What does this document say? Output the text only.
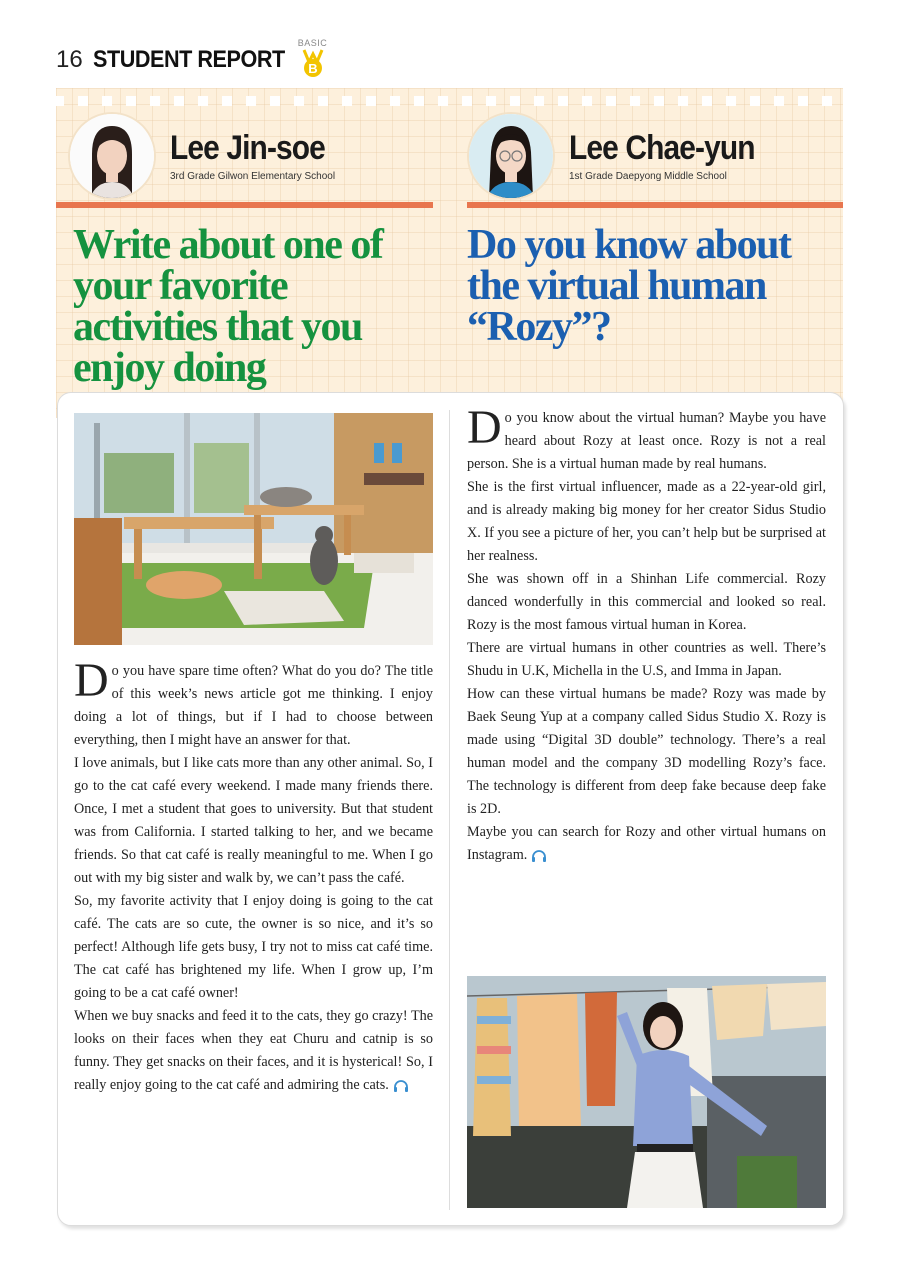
16 STUDENT REPORT
BASIC
B
Lee Jin-soe
3rd Grade Gilwon Elementary School
Lee Chae-yun
1st Grade Daepyong Middle School
Write about one of your favorite activities that you enjoy doing
Do you know about the virtual human “Rozy”?

Do you have spare time often? What do you do? The title of this week’s news article got me thinking. I enjoy doing a lot of things, but if I had to choose between everything, then I might have an answer for that.

I love animals, but I like cats more than any other animal. So, I go to the cat café every weekend. I made many friends there. Once, I met a student that goes to university. But that student was from California. I started talking to her, and we became friends. So that cat café is really meaningful to me. When I go out with my big sister and walk by, we can’t pass the café.

So, my favorite activity that I enjoy doing is going to the cat café. The cats are so cute, the owner is so nice, and it’s so perfect! Although life gets busy, I try not to miss cat café time. The cat café has brightened my life. When I grow up, I’m going to be a cat café owner!

When we buy snacks and feed it to the cats, they go crazy! The looks on their faces when they eat Churu and catnip is so funny. They get snacks on their faces, and it is hysterical! So, I really enjoy going to the cat café and admiring the cats.

Do you know about the virtual human? Maybe you have heard about Rozy at least once. Rozy is not a real person. She is a virtual human made by real humans.

She is the first virtual influencer, made as a 22-year-old girl, and is already making big money for her creator Sidus Studio X. If you see a picture of her, you can’t help but be surprised at her realness.

She was shown off in a Shinhan Life commercial. Rozy danced wonderfully in this commercial and looked so real. Rozy is the most famous virtual human in Korea.

There are virtual humans in other countries as well. There’s Shudu in U.K, Michella in the U.S, and Imma in Japan.

How can these virtual humans be made? Rozy was made by Baek Seung Yup at a company called Sidus Studio X. Rozy is made using “Digital 3D double” technology. There’s a real human model and the company 3D modelling Rozy’s face. The technology is different from deep fake because deep fake is 2D.

Maybe you can search for Rozy and other virtual humans on Instagram.
